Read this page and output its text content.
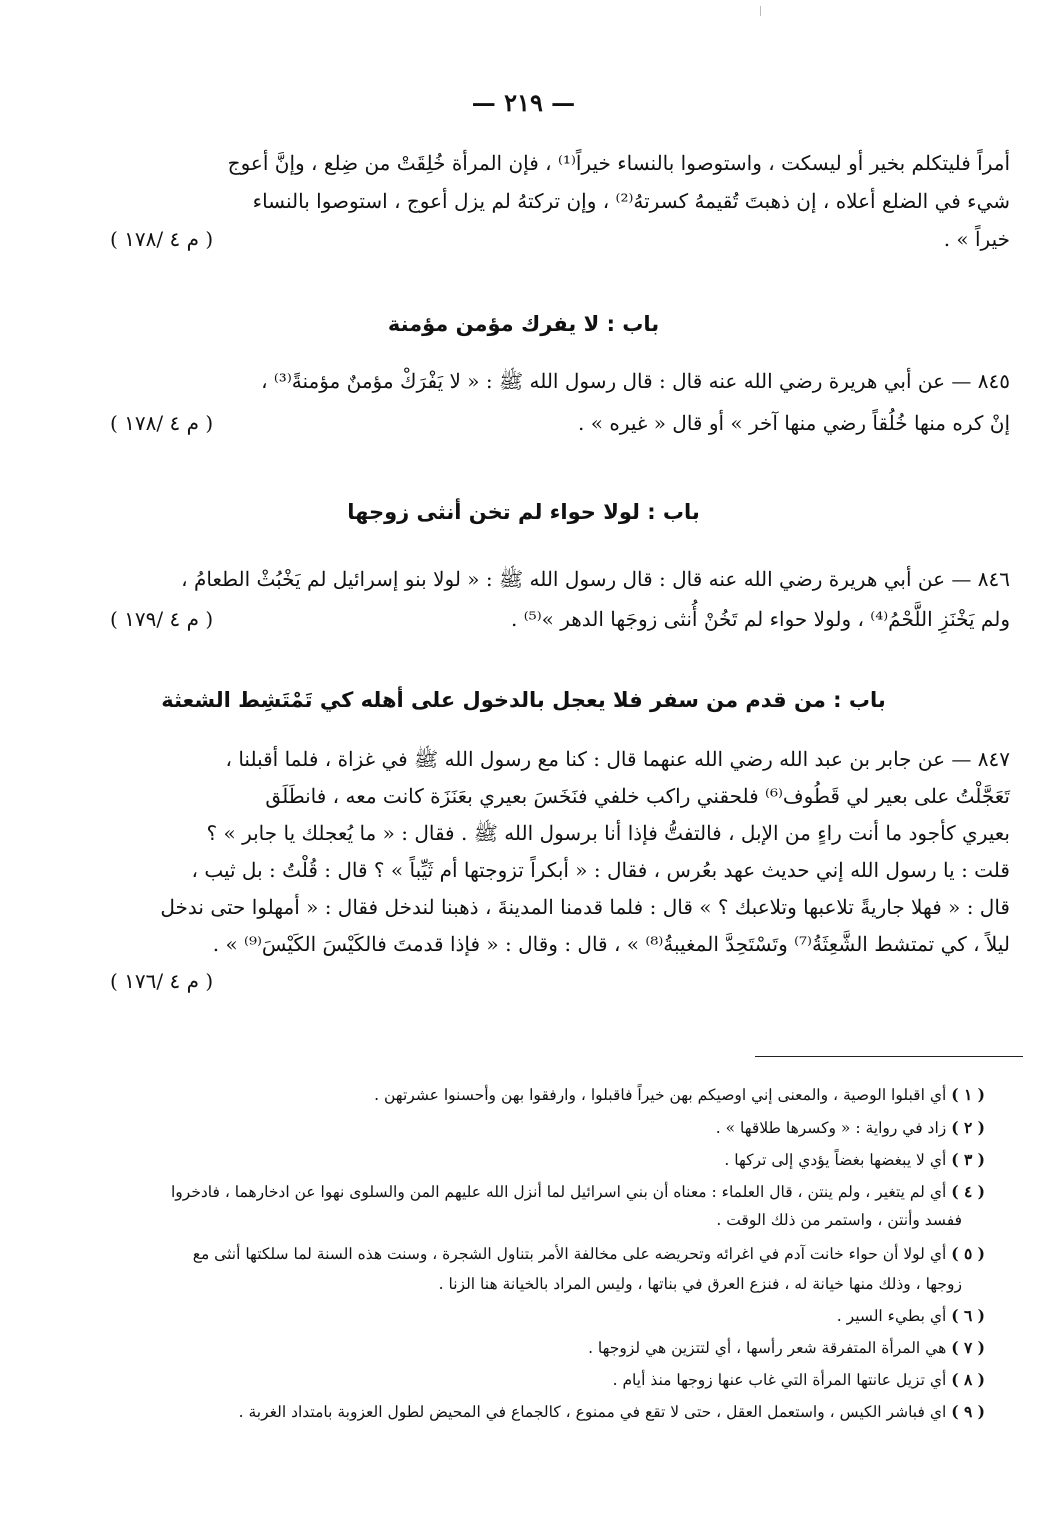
— ٢١٩ —
أمراً فليتكلم بخير أو ليسكت ، واستوصوا بالنساء خيراً⁽¹⁾ ، فإن المرأة خُلِقَتْ من ضِلع ، وإنَّ أعوج
شيء في الضلع أعلاه ، إن ذهبتَ تُقيمهُ كسرتهُ⁽²⁾ ، وإن تركتهُ لم يزل أعوج ، استوصوا بالنساء
خيراً » .
( م ٤ /١٧٨ )
باب : لا يفرك مؤمن مؤمنة
٨٤٥ — عن أبي هريرة رضي الله عنه قال : قال رسول الله ﷺ : « لا يَفْرَكْ مؤمنٌ مؤمنةً⁽³⁾ ،
إنْ كره منها خُلُقاً رضي منها آخر » أو قال « غيره » .
( م ٤ /١٧٨ )
باب : لولا حواء لم تخن أنثى زوجها
٨٤٦ — عن أبي هريرة رضي الله عنه قال : قال رسول الله ﷺ : « لولا بنو إسرائيل لم يَخْبُثْ الطعامُ ،
ولم يَخْنَزِ اللَّحْمُ⁽⁴⁾ ، ولولا حواء لم تَخُنْ أُنثى زوجَها الدهر »⁽⁵⁾ .
( م ٤ /١٧٩ )
باب : من قدم من سفر فلا يعجل بالدخول على أهله كي تَمْتَشِط الشعثة
٨٤٧ — عن جابر بن عبد الله رضي الله عنهما قال : كنا مع رسول الله ﷺ في غزاة ، فلما أقبلنا ،
تَعَجَّلْتُ على بعير لي قَطُوف⁽⁶⁾ فلحقني راكب خلفي فنَخَسَ بعيري بعَنَزَة كانت معه ، فانطَلَق
بعيري كأجود ما أنت راءٍ من الإبل ، فالتفتُّ فإذا أنا برسول الله ﷺ . فقال : « ما يُعجلك يا جابر » ؟
قلت : يا رسول الله إني حديث عهد بعُرس ، فقال : « أبكراً تزوجتها أم ثَيِّباً » ؟ قال : قُلْتُ : بل ثيب ،
قال : « فهلا جاريةً تلاعبها وتلاعبك ؟ » قال : فلما قدمنا المدينةَ ، ذهبنا لندخل فقال : « أمهلوا حتى ندخل
ليلاً ، كي تمتشط الشَّعِثَةُ⁽⁷⁾ وتَسْتَحِدَّ المغيبةُ⁽⁸⁾ » ، قال : وقال : « فإذا قدمتَ فالكَيْسَ الكَيْسَ⁽⁹⁾ » .
( م ٤ /١٧٦ )
( ١ ) أي اقبلوا الوصية ، والمعنى إني اوصيكم بهن خيراً فاقبلوا ، وارفقوا بهن وأحسنوا عشرتهن .
( ٢ ) زاد في رواية : « وكسرها طلاقها » .
( ٣ ) أي لا يبغضها بغضاً يؤدي إلى تركها .
( ٤ ) أي لم يتغير ، ولم ينتن ، قال العلماء : معناه أن بني اسرائيل لما أنزل الله عليهم المن والسلوى نهوا عن ادخارهما ، فادخروا
ففسد وأنتن ، واستمر من ذلك الوقت .
( ٥ ) أي لولا أن حواء خانت آدم في اغرائه وتحريضه على مخالفة الأمر بتناول الشجرة ، وسنت هذه السنة لما سلكتها أنثى مع
زوجها ، وذلك منها خيانة له ، فنزع العرق في بناتها ، وليس المراد بالخيانة هنا الزنا .
( ٦ ) أي بطيء السير .
( ٧ ) هي المرأة المتفرقة شعر رأسها ، أي لتتزين هي لزوجها .
( ٨ ) أي تزيل عانتها المرأة التي غاب عنها زوجها منذ أيام .
( ٩ ) اي فباشر الكيس ، واستعمل العقل ، حتى لا تقع في ممنوع ، كالجماع في المحيض لطول العزوبة بامتداد الغربة .
